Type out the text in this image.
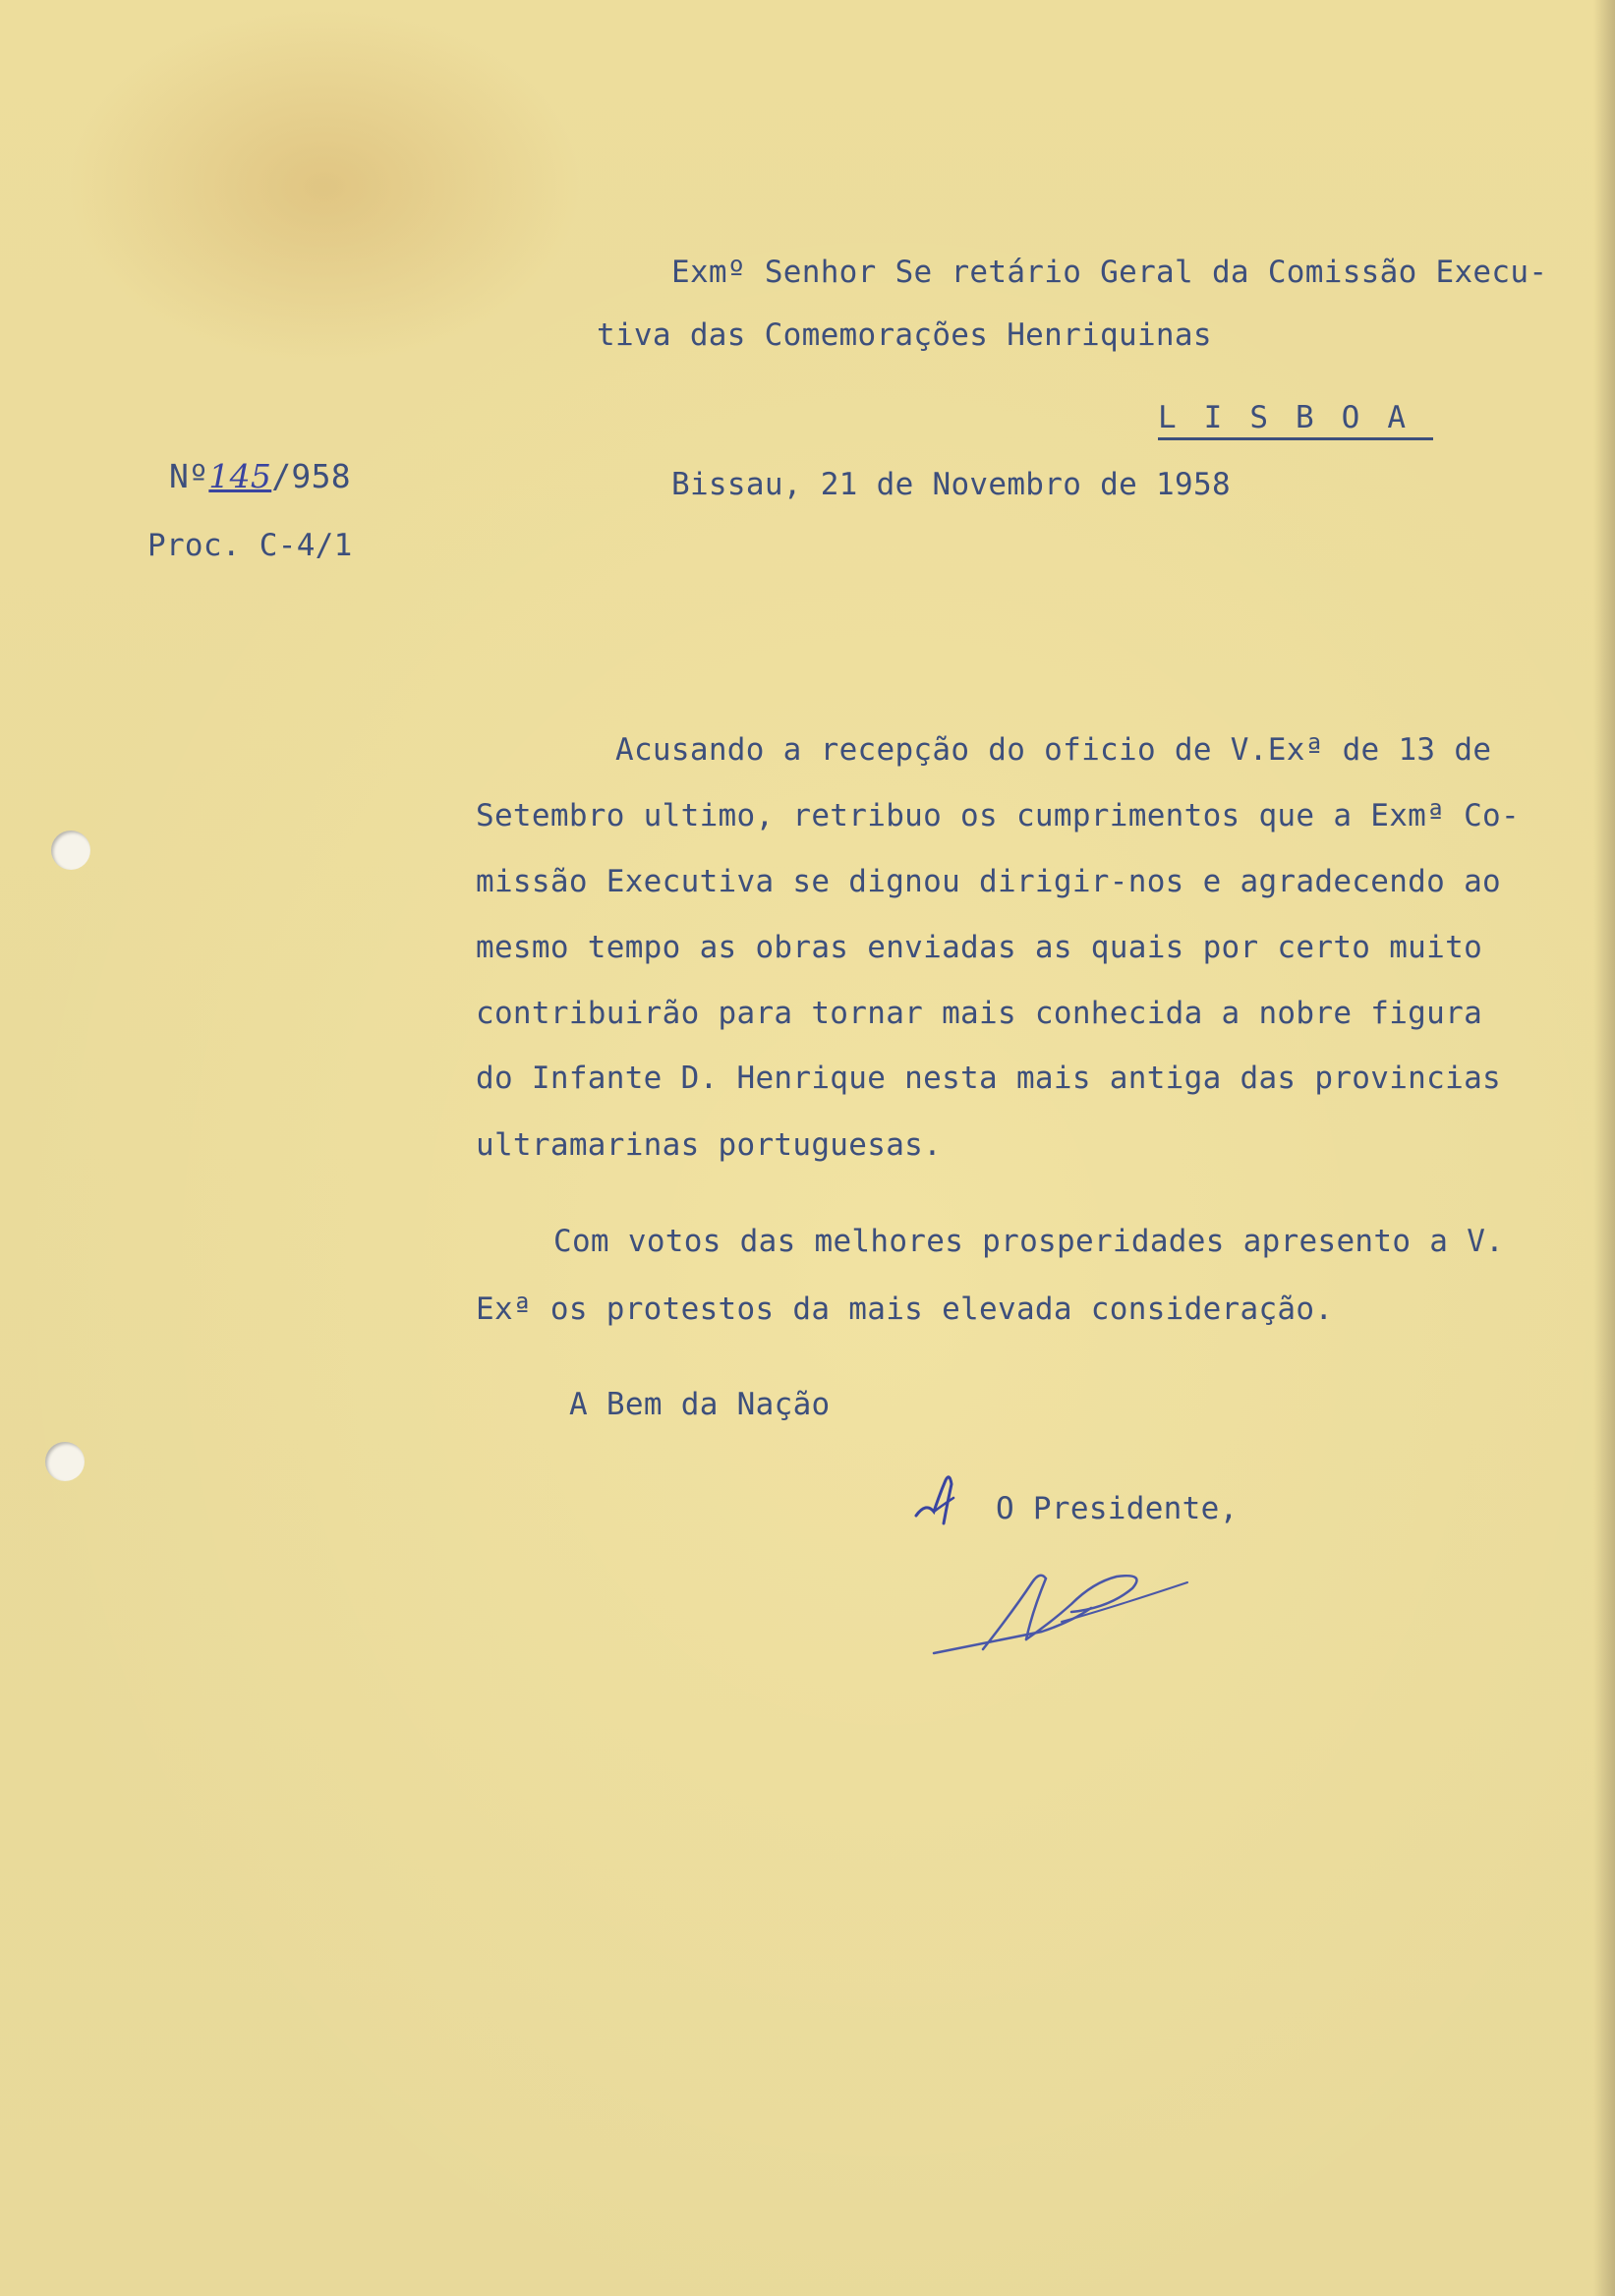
Exmº Senhor Se retário Geral da Comissão Execu-
tiva das Comemorações Henriquinas
LISBOA
Nº145/958
Proc. C-4/1
Bissau, 21 de Novembro de 1958
Acusando a recepção do oficio de V.Exª de 13 de
Setembro ultimo, retribuo os cumprimentos que a Exmª Co-
missão Executiva se dignou dirigir-nos e agradecendo ao
mesmo tempo as obras enviadas as quais por certo muito
contribuirão para tornar mais conhecida a nobre figura
do Infante D. Henrique nesta mais antiga das provincias
ultramarinas portuguesas.
Com votos das melhores prosperidades apresento a V.
Exª os protestos da mais elevada consideração.
A Bem da Nação
O Presidente,
